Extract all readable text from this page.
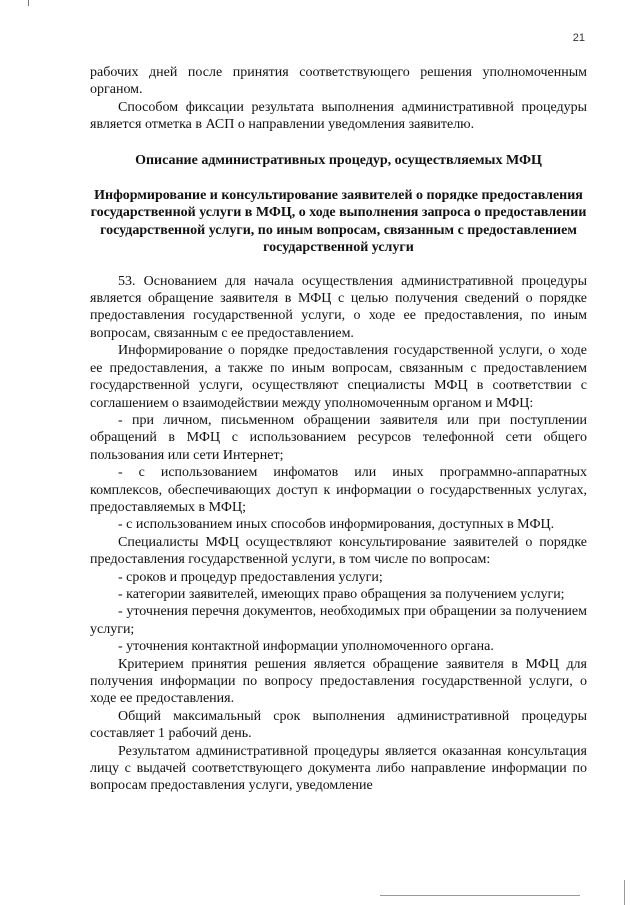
21

рабочих дней после принятия соответствующего решения уполномоченным органом.

Способом фиксации результата выполнения административной процедуры является отметка в АСП о направлении уведомления заявителю.

Описание административных процедур, осуществляемых МФЦ

Информирование и консультирование заявителей о порядке предоставления государственной услуги в МФЦ, о ходе выполнения запроса о предоставлении государственной услуги, по иным вопросам, связанным с предоставлением государственной услуги

53. Основанием для начала осуществления административной процедуры является обращение заявителя в МФЦ с целью получения сведений о порядке предоставления государственной услуги, о ходе ее предоставления, по иным вопросам, связанным с ее предоставлением.

Информирование о порядке предоставления государственной услуги, о ходе ее предоставления, а также по иным вопросам, связанным с предоставлением государственной услуги, осуществляют специалисты МФЦ в соответствии с соглашением о взаимодействии между уполномоченным органом и МФЦ:

- при личном, письменном обращении заявителя или при поступлении обращений в МФЦ с использованием ресурсов телефонной сети общего пользования или сети Интернет;

- с использованием инфоматов или иных программно-аппаратных комплексов, обеспечивающих доступ к информации о государственных услугах, предоставляемых в МФЦ;

- с использованием иных способов информирования, доступных в МФЦ.

Специалисты МФЦ осуществляют консультирование заявителей о порядке предоставления государственной услуги, в том числе по вопросам:

- сроков и процедур предоставления услуги;

- категории заявителей, имеющих право обращения за получением услуги;

- уточнения перечня документов, необходимых при обращении за получением услуги;

- уточнения контактной информации уполномоченного органа.

Критерием принятия решения является обращение заявителя в МФЦ для получения информации по вопросу предоставления государственной услуги, о ходе ее предоставления.

Общий максимальный срок выполнения административной процедуры составляет 1 рабочий день.

Результатом административной процедуры является оказанная консультация лицу с выдачей соответствующего документа либо направление информации по вопросам предоставления услуги, уведомление
